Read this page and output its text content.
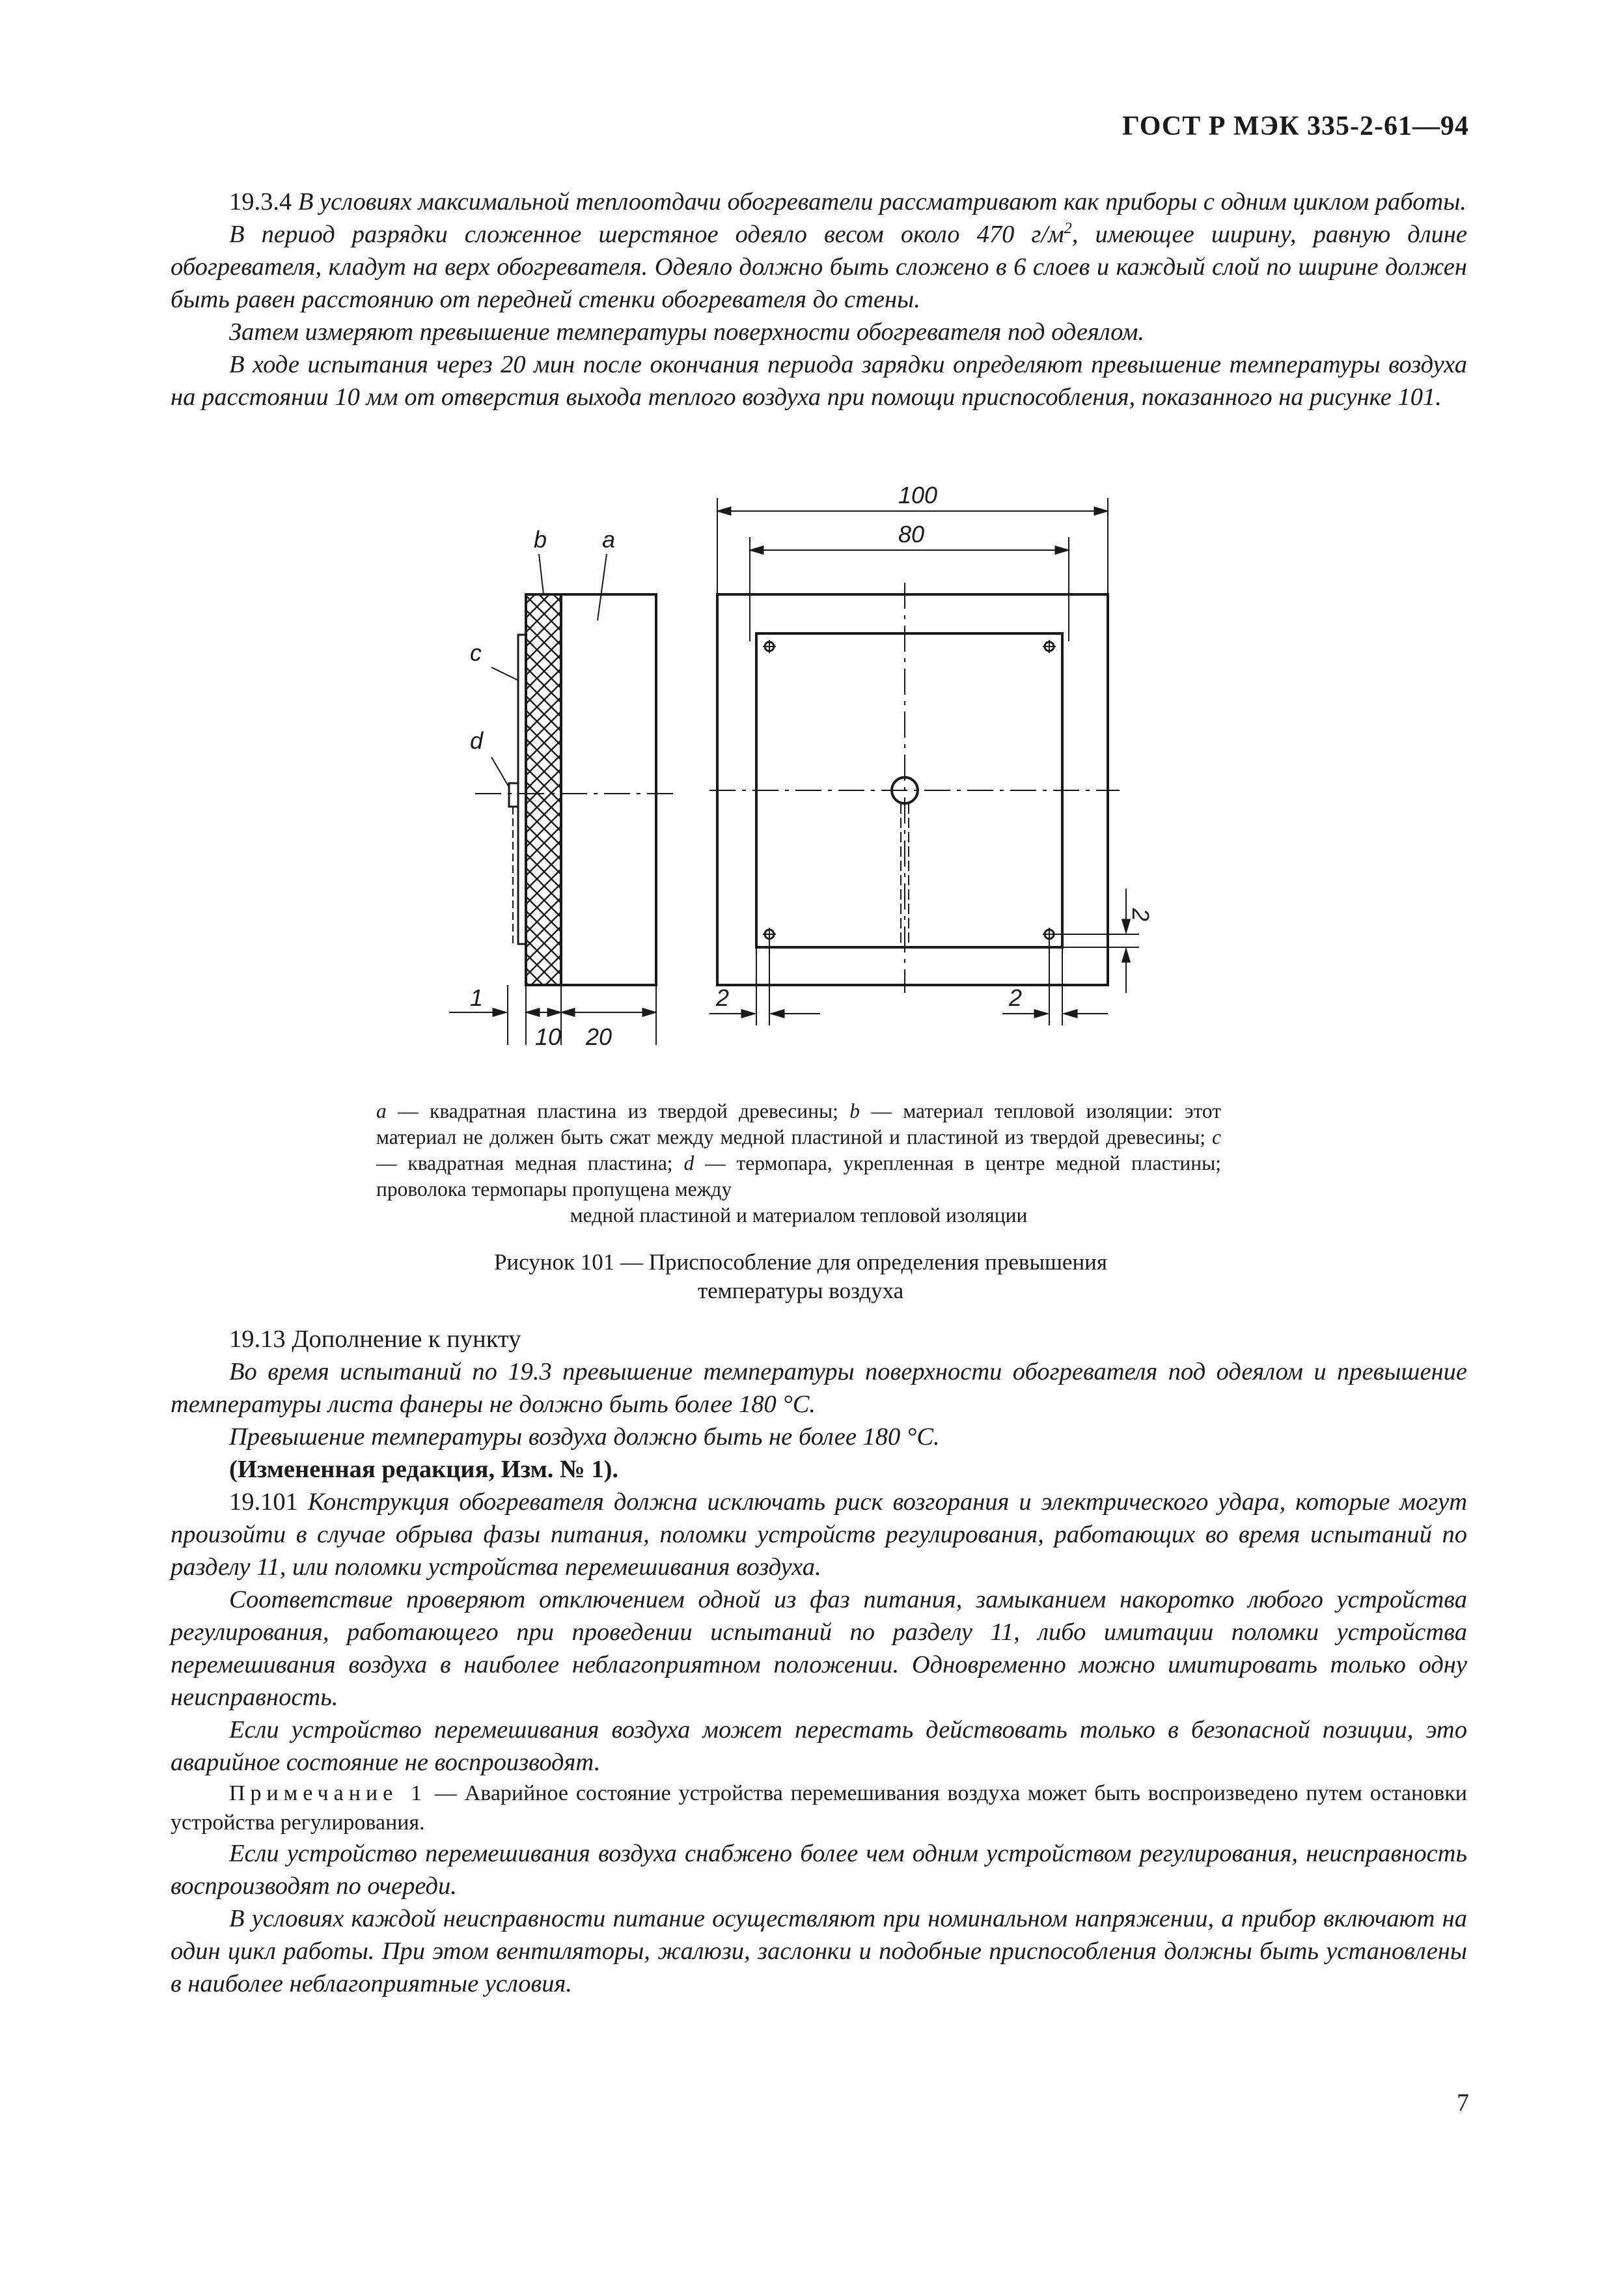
ГОСТ Р МЭК 335-2-61—94

19.3.4 В условиях максимальной теплоотдачи обогреватели рассматривают как приборы с одним циклом работы.

В период разрядки сложенное шерстяное одеяло весом около 470 $г/м^2$, имеющее ширину, равную длине обогревателя, кладут на верх обогревателя. Одеяло должно быть сложено в 6 слоев и каждый слой по ширине должен быть равен расстоянию от передней стенки обогревателя до стены.

Затем измеряют превышение температуры поверхности обогревателя под одеялом.

В ходе испытания через 20 мин после окончания периода зарядки определяют превышение температуры воздуха на расстоянии 10 мм от отверстия выхода теплого воздуха при помощи приспособления, показанного на рисунке 101.

b a
c
d
100
80
1
10 20
2	2
2
a — квадратная пластина из твердой древесины; b — материал тепловой изоляции: этот материал не должен быть сжат между медной пластиной и пластиной из твердой древесины; c — квадратная медная пластина; d — термопара, укрепленная в центре медной пластины; проволока термопары пропущена между
медной пластиной и материалом тепловой изоляции
Рисунок 101 — Приспособление для определения превышения
температуры воздуха

19.13 Дополнение к пункту

Во время испытаний по 19.3 превышение температуры поверхности обогревателя под одеялом и превышение температуры листа фанеры не должно быть более 180 °С.

Превышение температуры воздуха должно быть не более 180 °С.

(Измененная редакция, Изм. № 1).

19.101 Конструкция обогревателя должна исключать риск возгорания и электрического удара, которые могут произойти в случае обрыва фазы питания, поломки устройств регулирования, работающих во время испытаний по разделу 11, или поломки устройства перемешивания воздуха.

Соответствие проверяют отключением одной из фаз питания, замыканием накоротко любого устройства регулирования, работающего при проведении испытаний по разделу 11, либо имитации поломки устройства перемешивания воздуха в наиболее неблагоприятном положении. Одновременно можно имитировать только одну неисправность.

Если устройство перемешивания воздуха может перестать действовать только в безопасной позиции, это аварийное состояние не воспроизводят.

Примечание 1 — Аварийное состояние устройства перемешивания воздуха может быть воспроизведено путем остановки устройства регулирования.

Если устройство перемешивания воздуха снабжено более чем одним устройством регулирования, неисправность воспроизводят по очереди.

В условиях каждой неисправности питание осуществляют при номинальном напряжении, а прибор включают на один цикл работы. При этом вентиляторы, жалюзи, заслонки и подобные приспособления должны быть установлены в наиболее неблагоприятные условия.

7
